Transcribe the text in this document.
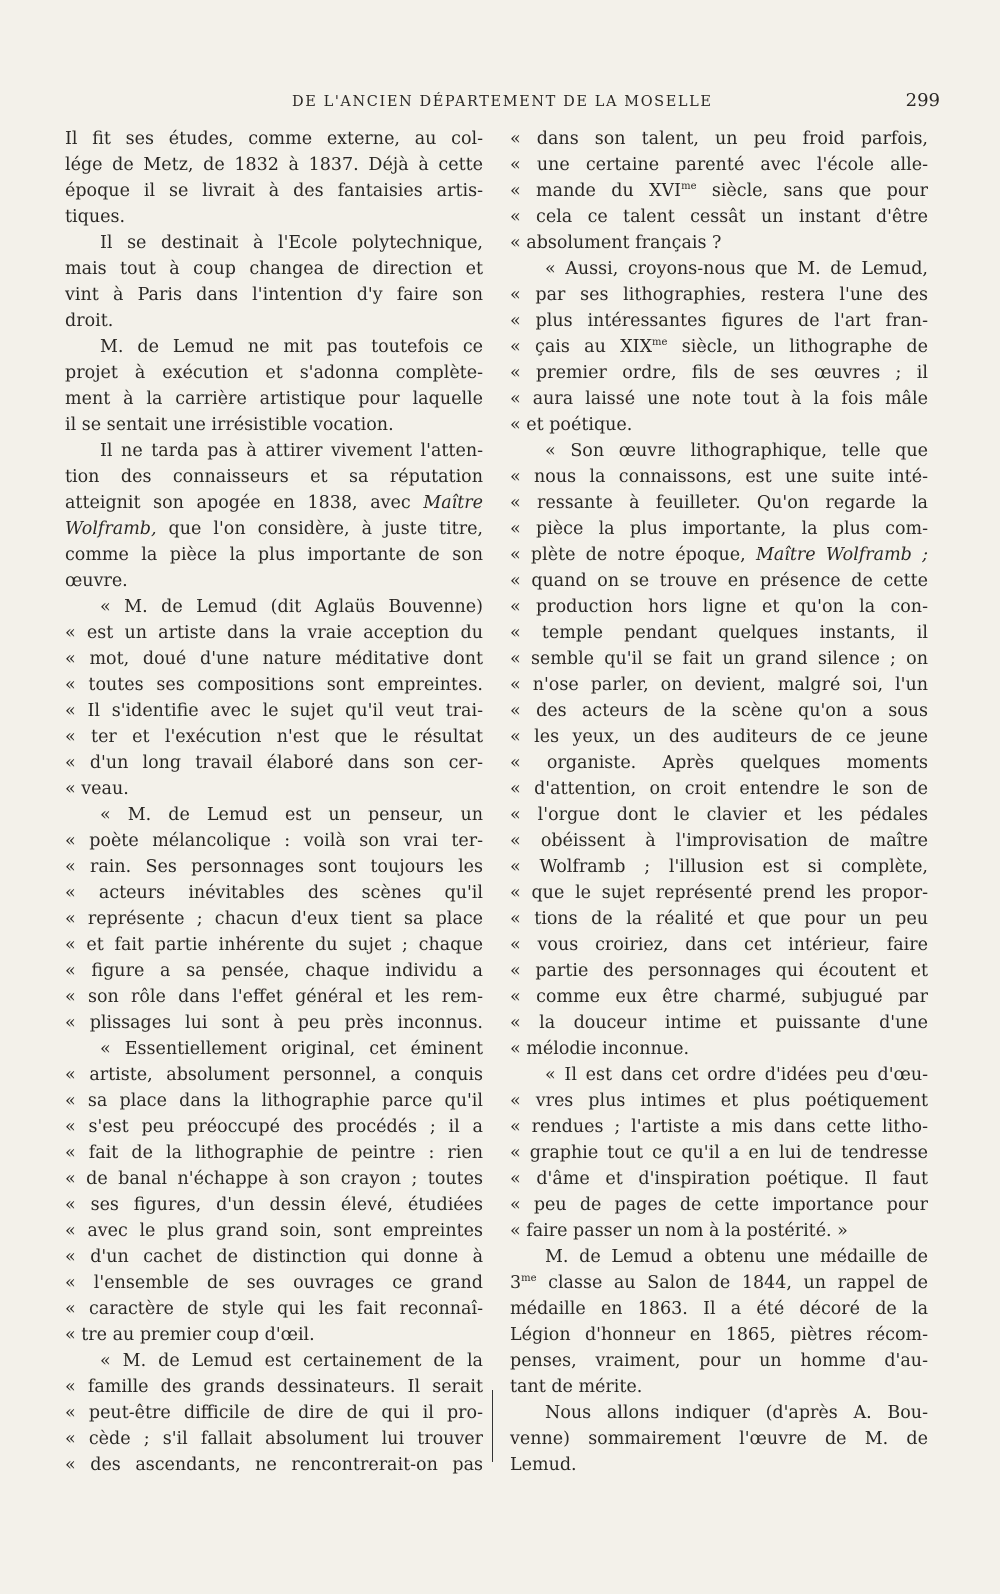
DE L'ANCIEN DÉPARTEMENT DE LA MOSELLE	299
Il fit ses études, comme externe, au col-
lége de Metz, de 1832 à 1837. Déjà à cette
époque il se livrait à des fantaisies artis-
tiques.
  Il se destinait à l'Ecole polytechnique,
mais tout à coup changea de direction et
vint à Paris dans l'intention d'y faire son
droit.
  M. de Lemud ne mit pas toutefois ce
projet à exécution et s'adonna complète-
ment à la carrière artistique pour laquelle
il se sentait une irrésistible vocation.
  Il ne tarda pas à attirer vivement l'atten-
tion des connaisseurs et sa réputation
atteignit son apogée en 1838, avec Maître
Wolframb, que l'on considère, à juste titre,
comme la pièce la plus importante de son
œuvre.
  « M. de Lemud (dit Aglaüs Bouvenne)
« est un artiste dans la vraie acception du
« mot, doué d'une nature méditative dont
« toutes ses compositions sont empreintes.
« Il s'identifie avec le sujet qu'il veut trai-
« ter et l'exécution n'est que le résultat
« d'un long travail élaboré dans son cer-
« veau.
  « M. de Lemud est un penseur, un
« poète mélancolique : voilà son vrai ter-
« rain. Ses personnages sont toujours les
« acteurs inévitables des scènes qu'il
« représente ; chacun d'eux tient sa place
« et fait partie inhérente du sujet ; chaque
« figure a sa pensée, chaque individu a
« son rôle dans l'effet général et les rem-
« plissages lui sont à peu près inconnus.
  « Essentiellement original, cet éminent
« artiste, absolument personnel, a conquis
« sa place dans la lithographie parce qu'il
« s'est peu préoccupé des procédés ; il a
« fait de la lithographie de peintre : rien
« de banal n'échappe à son crayon ; toutes
« ses figures, d'un dessin élevé, étudiées
« avec le plus grand soin, sont empreintes
« d'un cachet de distinction qui donne à
« l'ensemble de ses ouvrages ce grand
« caractère de style qui les fait reconnaî-
« tre au premier coup d'œil.
  « M. de Lemud est certainement de la
« famille des grands dessinateurs. Il serait
« peut-être difficile de dire de qui il pro-
« cède ; s'il fallait absolument lui trouver
« des ascendants, ne rencontrerait-on pas
« dans son talent, un peu froid parfois,
« une certaine parenté avec l'école alle-
« mande du $XVI^{me}$ siècle, sans que pour
« cela ce talent cessât un instant d'être
« absolument français ?
  « Aussi, croyons-nous que M. de Lemud,
« par ses lithographies, restera l'une des
« plus intéressantes figures de l'art fran-
« çais au $XIX^{me}$ siècle, un lithographe de
« premier ordre, fils de ses œuvres ; il
« aura laissé une note tout à la fois mâle
« et poétique.
  « Son œuvre lithographique, telle que
« nous la connaissons, est une suite inté-
« ressante à feuilleter. Qu'on regarde la
« pièce la plus importante, la plus com-
« plète de notre époque, Maître Wolframb ;
« quand on se trouve en présence de cette
« production hors ligne et qu'on la con-
« temple pendant quelques instants, il
« semble qu'il se fait un grand silence ; on
« n'ose parler, on devient, malgré soi, l'un
« des acteurs de la scène qu'on a sous
« les yeux, un des auditeurs de ce jeune
« organiste. Après quelques moments
« d'attention, on croit entendre le son de
« l'orgue dont le clavier et les pédales
« obéissent à l'improvisation de maître
« Wolframb ; l'illusion est si complète,
« que le sujet représenté prend les propor-
« tions de la réalité et que pour un peu
« vous croiriez, dans cet intérieur, faire
« partie des personnages qui écoutent et
« comme eux être charmé, subjugué par
« la douceur intime et puissante d'une
« mélodie inconnue.
  « Il est dans cet ordre d'idées peu d'œu-
« vres plus intimes et plus poétiquement
« rendues ; l'artiste a mis dans cette litho-
« graphie tout ce qu'il a en lui de tendresse
« d'âme et d'inspiration poétique. Il faut
« peu de pages de cette importance pour
« faire passer un nom à la postérité. »
  M. de Lemud a obtenu une médaille de
$3^{me}$ classe au Salon de 1844, un rappel de
médaille en 1863. Il a été décoré de la
Légion d'honneur en 1865, piètres récom-
penses, vraiment, pour un homme d'au-
tant de mérite.
  Nous allons indiquer (d'après A. Bou-
venne) sommairement l'œuvre de M. de
Lemud.
